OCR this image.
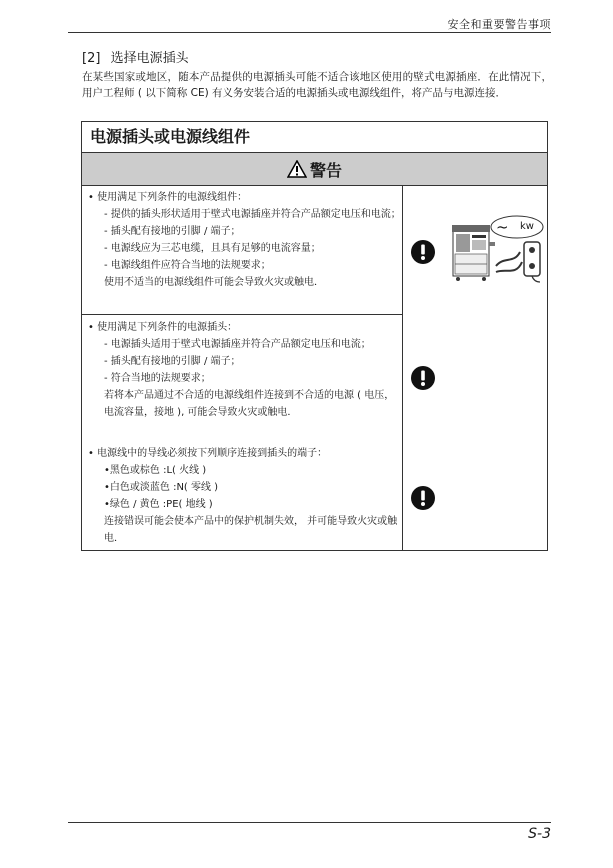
安全和重要警告事项
[2] 选择电源插头
在某些国家或地区，随本产品提供的电源插头可能不适合该地区使用的壁式电源插座．在此情况下，用户工程师 ( 以下简称 CE) 有义务安装合适的电源插头或电源线组件，将产品与电源连接．
电源插头或电源线组件
警告
• 使用满足下列条件的电源线组件：
- 提供的插头形状适用于壁式电源插座并符合产品额定电压和电流；
- 插头配有接地的引脚 / 端子；
- 电源线应为三芯电缆，且具有足够的电流容量；
- 电源线组件应符合当地的法规要求；
使用不适当的电源线组件可能会导致火灾或触电．
~ kw
• 使用满足下列条件的电源插头：
- 电源插头适用于壁式电源插座并符合产品额定电压和电流；
- 插头配有接地的引脚 / 端子；
- 符合当地的法规要求；
若将本产品通过不合适的电源线组件连接到不合适的电源 ( 电压，电流容量，接地 ), 可能会导致火灾或触电．
• 电源线中的导线必须按下列顺序连接到插头的端子：
•黑色或棕色 :L( 火线 )
•白色或淡蓝色 :N( 零线 )
•绿色 / 黄色 :PE( 地线 )
连接错误可能会使本产品中的保护机制失效， 并可能导致火灾或触电．
S-3
